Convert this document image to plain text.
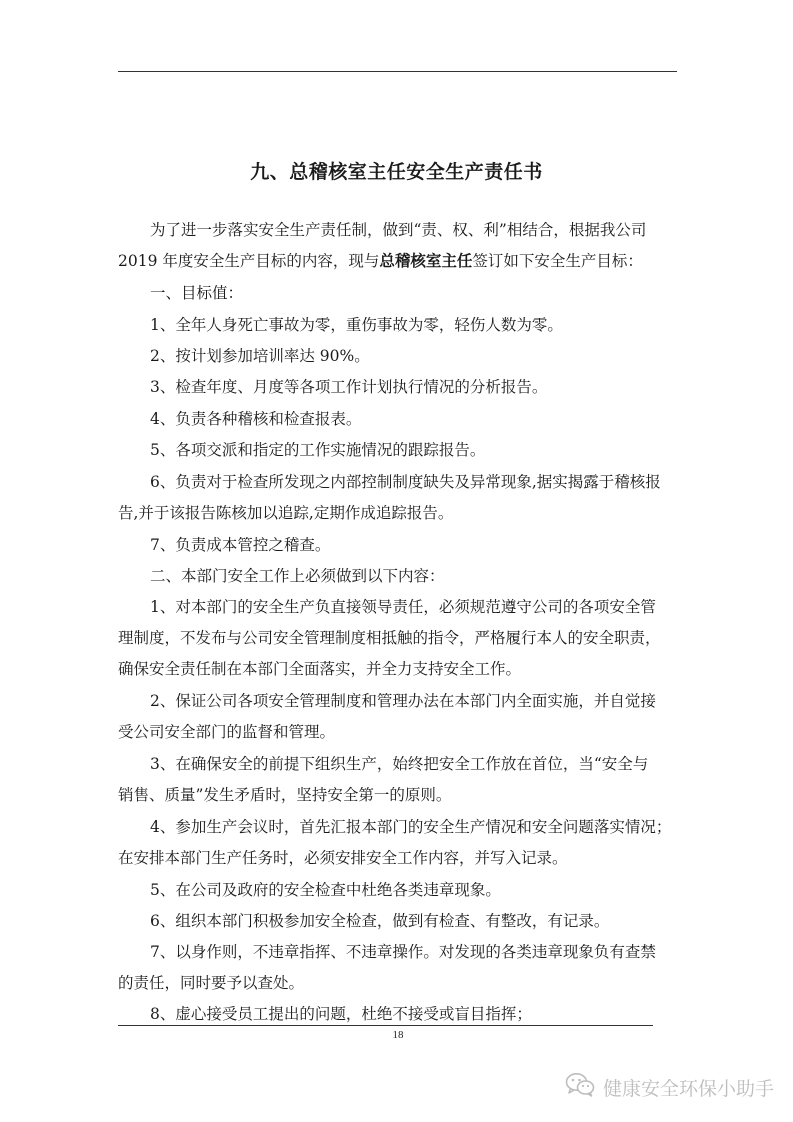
九、总稽核室主任安全生产责任书

为了进一步落实安全生产责任制，做到“责、权、利”相结合，根据我公司

2019 年度安全生产目标的内容，现与总稽核室主任签订如下安全生产目标：

一、目标值：

1、全年人身死亡事故为零，重伤事故为零，轻伤人数为零。

2、按计划参加培训率达 90%。

3、检查年度、月度等各项工作计划执行情况的分析报告。

4、负责各种稽核和检查报表。

5、各项交派和指定的工作实施情况的跟踪报告。

6、负责对于检查所发现之内部控制制度缺失及异常现象,据实揭露于稽核报

告,并于该报告陈核加以追踪,定期作成追踪报告。

7、负责成本管控之稽查。

二、本部门安全工作上必须做到以下内容：

1、对本部门的安全生产负直接领导责任，必须规范遵守公司的各项安全管

理制度，不发布与公司安全管理制度相抵触的指令，严格履行本人的安全职责，

确保安全责任制在本部门全面落实，并全力支持安全工作。

2、保证公司各项安全管理制度和管理办法在本部门内全面实施，并自觉接

受公司安全部门的监督和管理。

3、在确保安全的前提下组织生产，始终把安全工作放在首位，当“安全与

销售、质量”发生矛盾时，坚持安全第一的原则。

4、参加生产会议时，首先汇报本部门的安全生产情况和安全问题落实情况；

在安排本部门生产任务时，必须安排安全工作内容，并写入记录。

5、在公司及政府的安全检查中杜绝各类违章现象。

6、组织本部门积极参加安全检查，做到有检查、有整改，有记录。

7、以身作则，不违章指挥、不违章操作。对发现的各类违章现象负有查禁

的责任，同时要予以查处。

8、虚心接受员工提出的问题，杜绝不接受或盲目指挥；

18
健康安全环保小助手
